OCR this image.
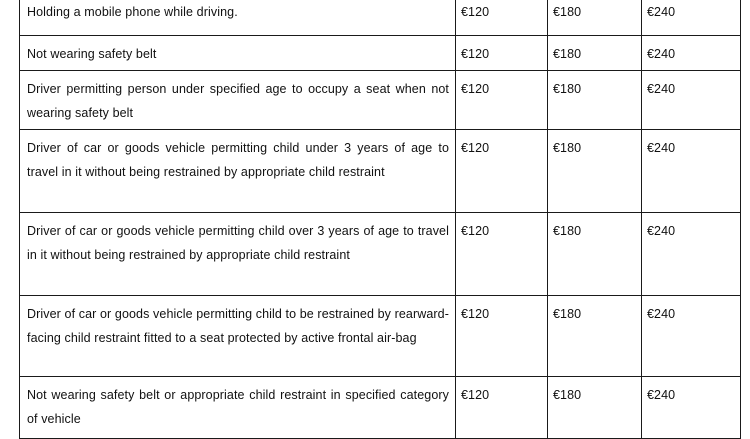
Holding a mobile phone while driving.	€120	€180	€240
Not wearing safety belt	€120	€180	€240
Driver permitting person under specified age to occupy a seat when not wearing safety belt	€120	€180	€240
Driver of car or goods vehicle permitting child under 3 years of age to travel in it without being restrained by appropriate child restraint	€120	€180	€240
Driver of car or goods vehicle permitting child over 3 years of age to travel in it without being restrained by appropriate child restraint	€120	€180	€240
Driver of car or goods vehicle permitting child to be restrained by rearward-facing child restraint fitted to a seat protected by active frontal air-bag	€120	€180	€240
Not wearing safety belt or appropriate child restraint in specified category of vehicle	€120	€180	€240
